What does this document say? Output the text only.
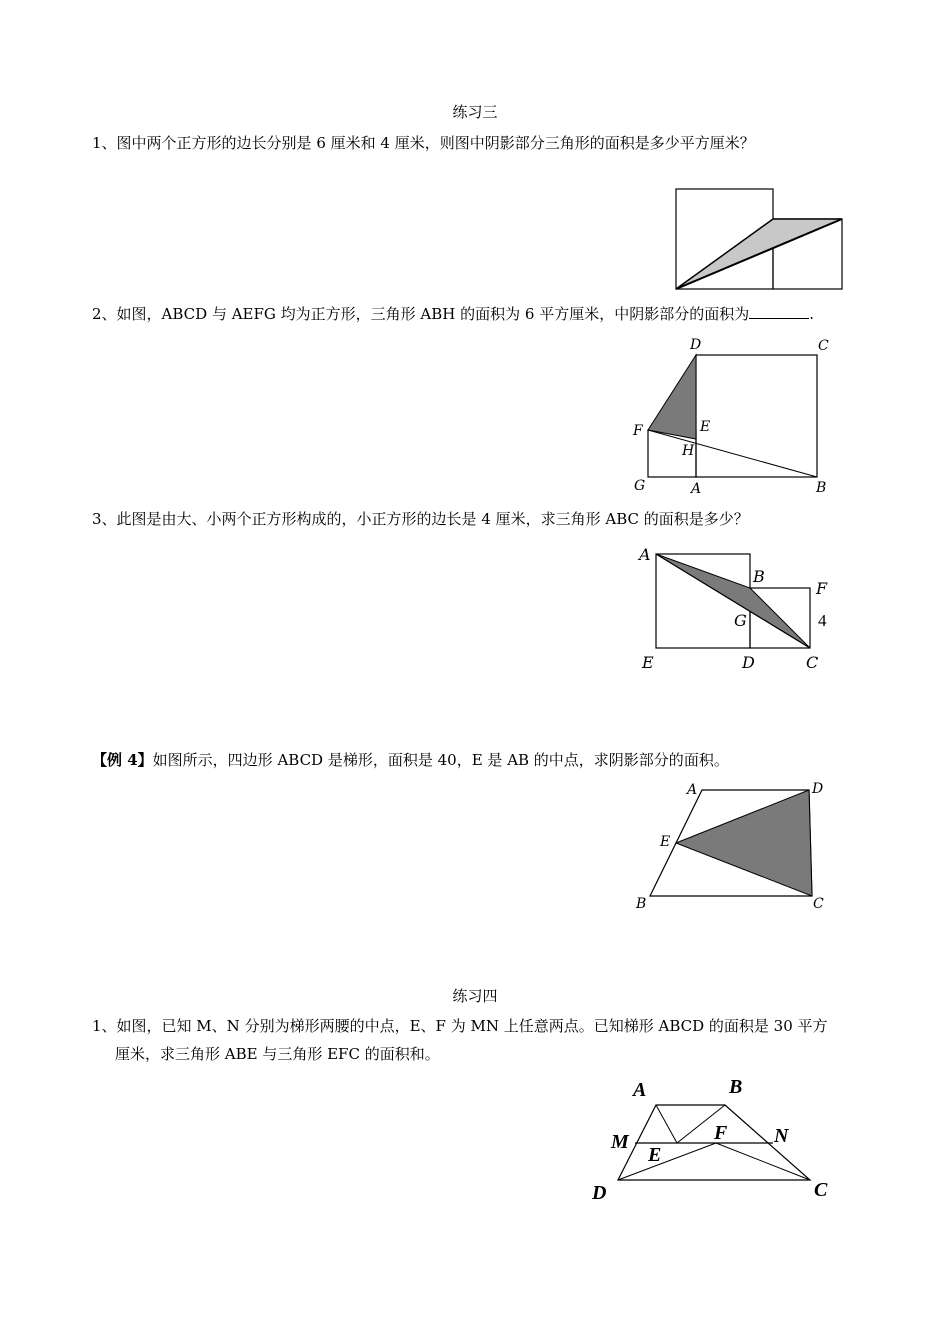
练习三

1、图中两个正方形的边长分别是 6 厘米和 4 厘米，则图中阴影部分三角形的面积是多少平方厘米？

2、如图，ABCD 与 AEFG 均为正方形，三角形 ABH 的面积为 6 平方厘米，中阴影部分的面积为	.

D	C
F	E
H
G	A	B

3、此图是由大、小两个正方形构成的，小正方形的边长是 4 厘米，求三角形 ABC 的面积是多少？

A
B
F
G	4
E	D	C

【例 4】如图所示，四边形 ABCD 是梯形，面积是 40，E 是 AB 的中点，求阴影部分的面积。

A	D
E
B	C

练习四

1、如图，已知 M、N 分别为梯形两腰的中点，E、F 为 MN 上任意两点。已知梯形 ABCD 的面积是 30 平方

厘米，求三角形 ABE 与三角形 EFC 的面积和。

A	B
M	F N
E
D	C
